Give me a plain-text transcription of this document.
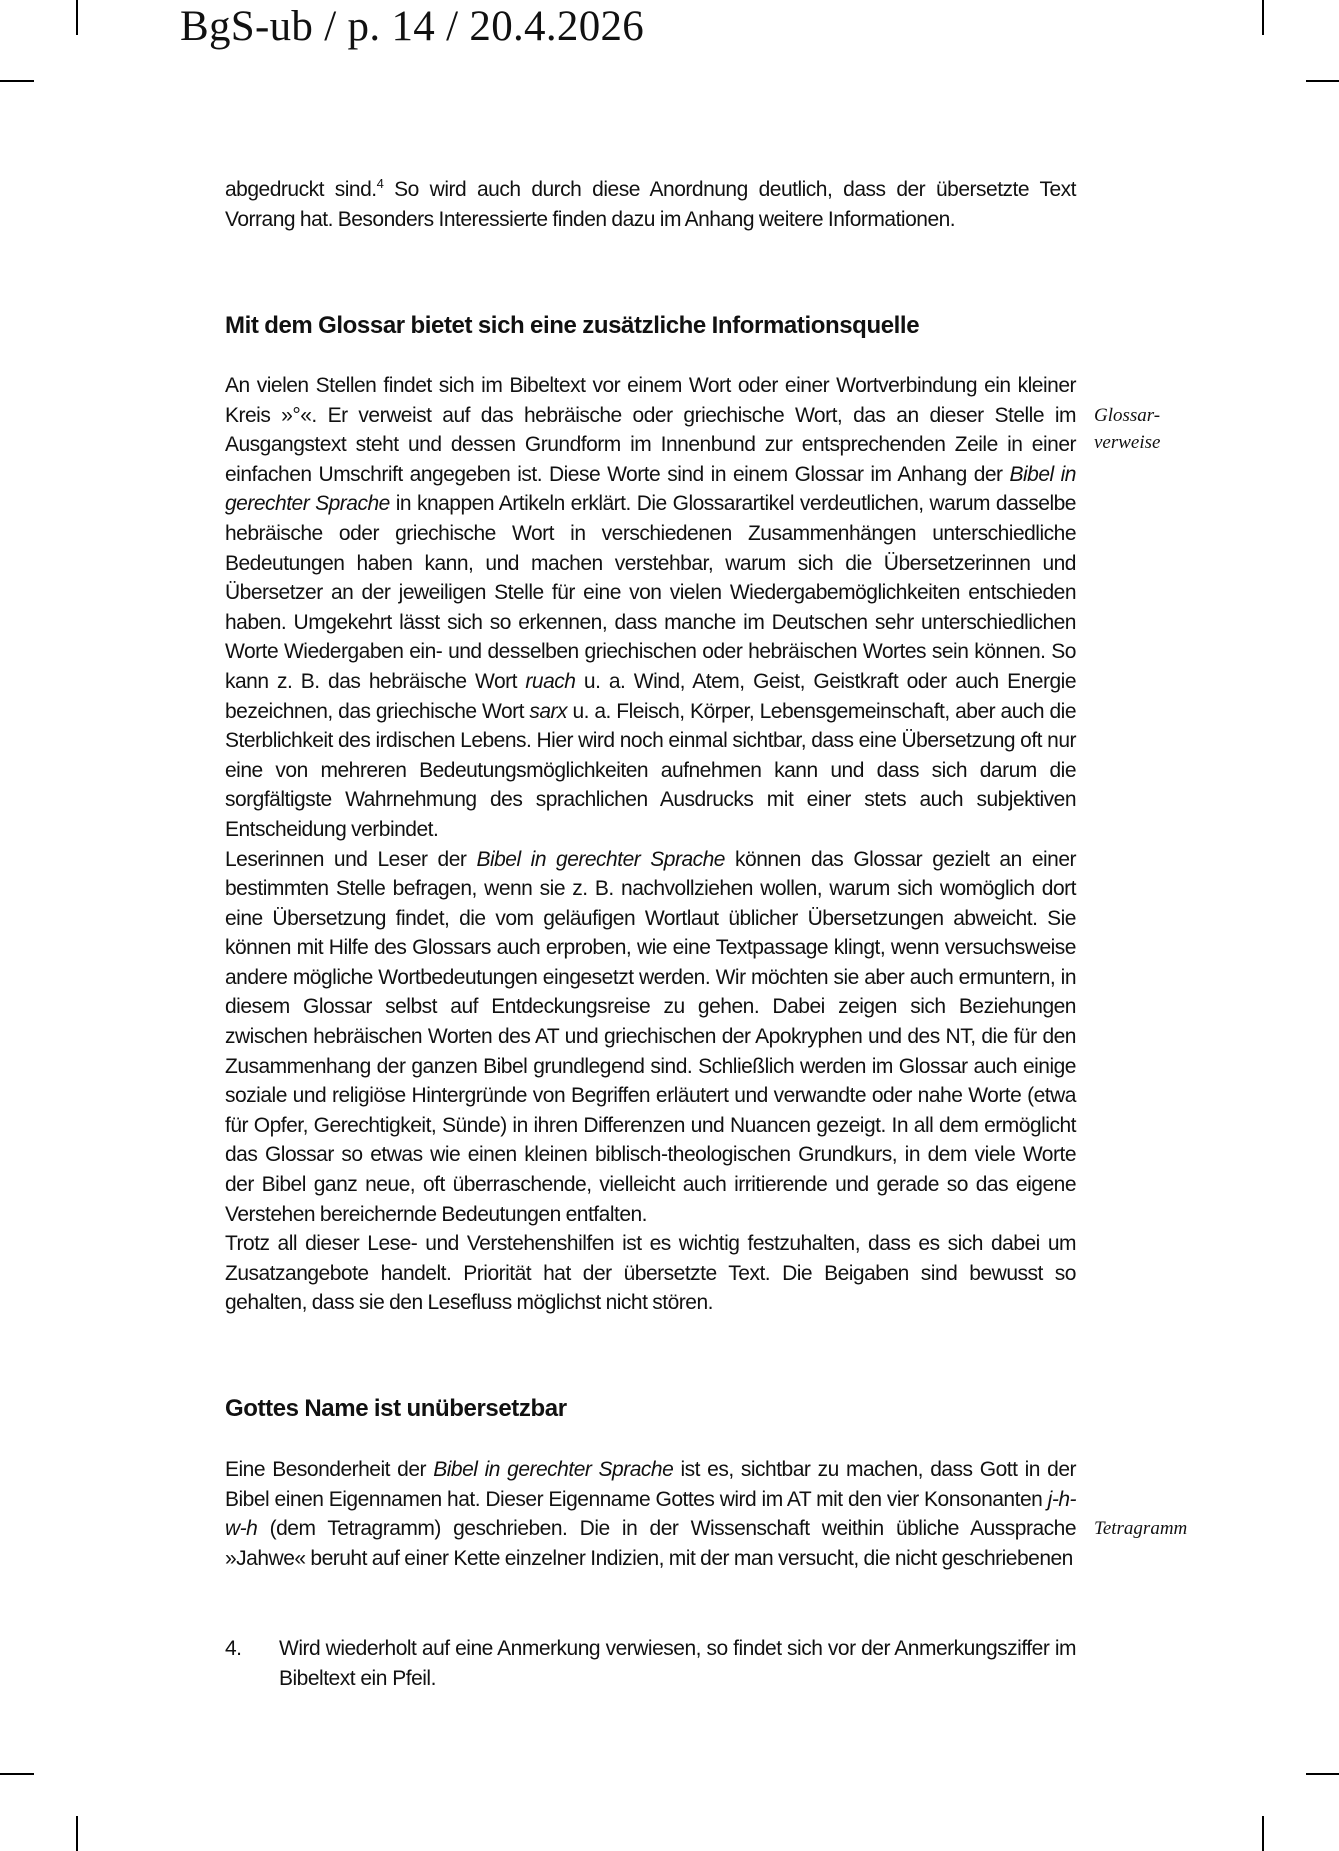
BgS-ub / p. 14 / 20.4.2026

abgedruckt sind.$^4$ So wird auch durch diese Anordnung deutlich, dass der übersetzte Text Vorrang hat. Besonders Interessierte finden dazu im Anhang weitere Informationen.

Mit dem Glossar bietet sich eine zusätzliche Informationsquelle

An vielen Stellen findet sich im Bibeltext vor einem Wort oder einer Wortverbindung ein kleiner Kreis »°«. Er verweist auf das hebräische oder griechische Wort, das an dieser Stelle im Ausgangstext steht und dessen Grundform im Innenbund zur entsprechenden Zeile in einer einfachen Umschrift angegeben ist. Diese Worte sind in einem Glossar im Anhang der Bibel in gerechter Sprache in knappen Artikeln erklärt. Die Glossarartikel verdeutlichen, warum dasselbe hebräische oder griechische Wort in verschiedenen Zusammenhängen unterschiedliche Bedeutungen haben kann, und machen verstehbar, warum sich die Übersetzerinnen und Übersetzer an der jeweiligen Stelle für eine von vielen Wiedergabemöglichkeiten entschieden haben. Umgekehrt lässt sich so erkennen, dass manche im Deutschen sehr unterschiedlichen Worte Wiedergaben ein- und desselben griechischen oder hebräischen Wortes sein können. So kann z. B. das hebräische Wort ruach u. a. Wind, Atem, Geist, Geistkraft oder auch Energie bezeichnen, das griechische Wort sarx u. a. Fleisch, Körper, Lebensgemeinschaft, aber auch die Sterblichkeit des irdischen Lebens. Hier wird noch einmal sichtbar, dass eine Übersetzung oft nur eine von mehreren Bedeutungsmöglichkeiten aufnehmen kann und dass sich darum die sorgfältigste Wahrnehmung des sprachlichen Ausdrucks mit einer stets auch subjektiven Entscheidung verbindet.

Leserinnen und Leser der Bibel in gerechter Sprache können das Glossar gezielt an einer bestimmten Stelle befragen, wenn sie z. B. nachvollziehen wollen, warum sich womöglich dort eine Übersetzung findet, die vom geläufigen Wortlaut üblicher Übersetzungen abweicht. Sie können mit Hilfe des Glossars auch erproben, wie eine Textpassage klingt, wenn versuchsweise andere mögliche Wortbedeutungen eingesetzt werden. Wir möchten sie aber auch ermuntern, in diesem Glossar selbst auf Entdeckungsreise zu gehen. Dabei zeigen sich Beziehungen zwischen hebräischen Worten des AT und griechischen der Apokryphen und des NT, die für den Zusammenhang der ganzen Bibel grundlegend sind. Schließlich werden im Glossar auch einige soziale und religiöse Hintergründe von Begriffen erläutert und verwandte oder nahe Worte (etwa für Opfer, Gerechtigkeit, Sünde) in ihren Differenzen und Nuancen gezeigt. In all dem ermöglicht das Glossar so etwas wie einen kleinen biblisch-theologischen Grundkurs, in dem viele Worte der Bibel ganz neue, oft überraschende, vielleicht auch irritierende und gerade so das eigene Verstehen bereichernde Bedeutungen entfalten.

Trotz all dieser Lese- und Verstehenshilfen ist es wichtig festzuhalten, dass es sich dabei um Zusatzangebote handelt. Priorität hat der übersetzte Text. Die Beigaben sind bewusst so gehalten, dass sie den Lesefluss möglichst nicht stören.

Glossar-
verweise
Gottes Name ist unübersetzbar

Eine Besonderheit der Bibel in gerechter Sprache ist es, sichtbar zu machen, dass Gott in der Bibel einen Eigennamen hat. Dieser Eigenname Gottes wird im AT mit den vier Konsonanten j-h-w-h (dem Tetragramm) geschrieben. Die in der Wissenschaft weithin übliche Aussprache »Jahwe« beruht auf einer Kette einzelner Indizien, mit der man versucht, die nicht geschriebenen

Tetragramm
4. Wird wiederholt auf eine Anmerkung verwiesen, so findet sich vor der Anmerkungsziffer im Bibeltext ein Pfeil.
